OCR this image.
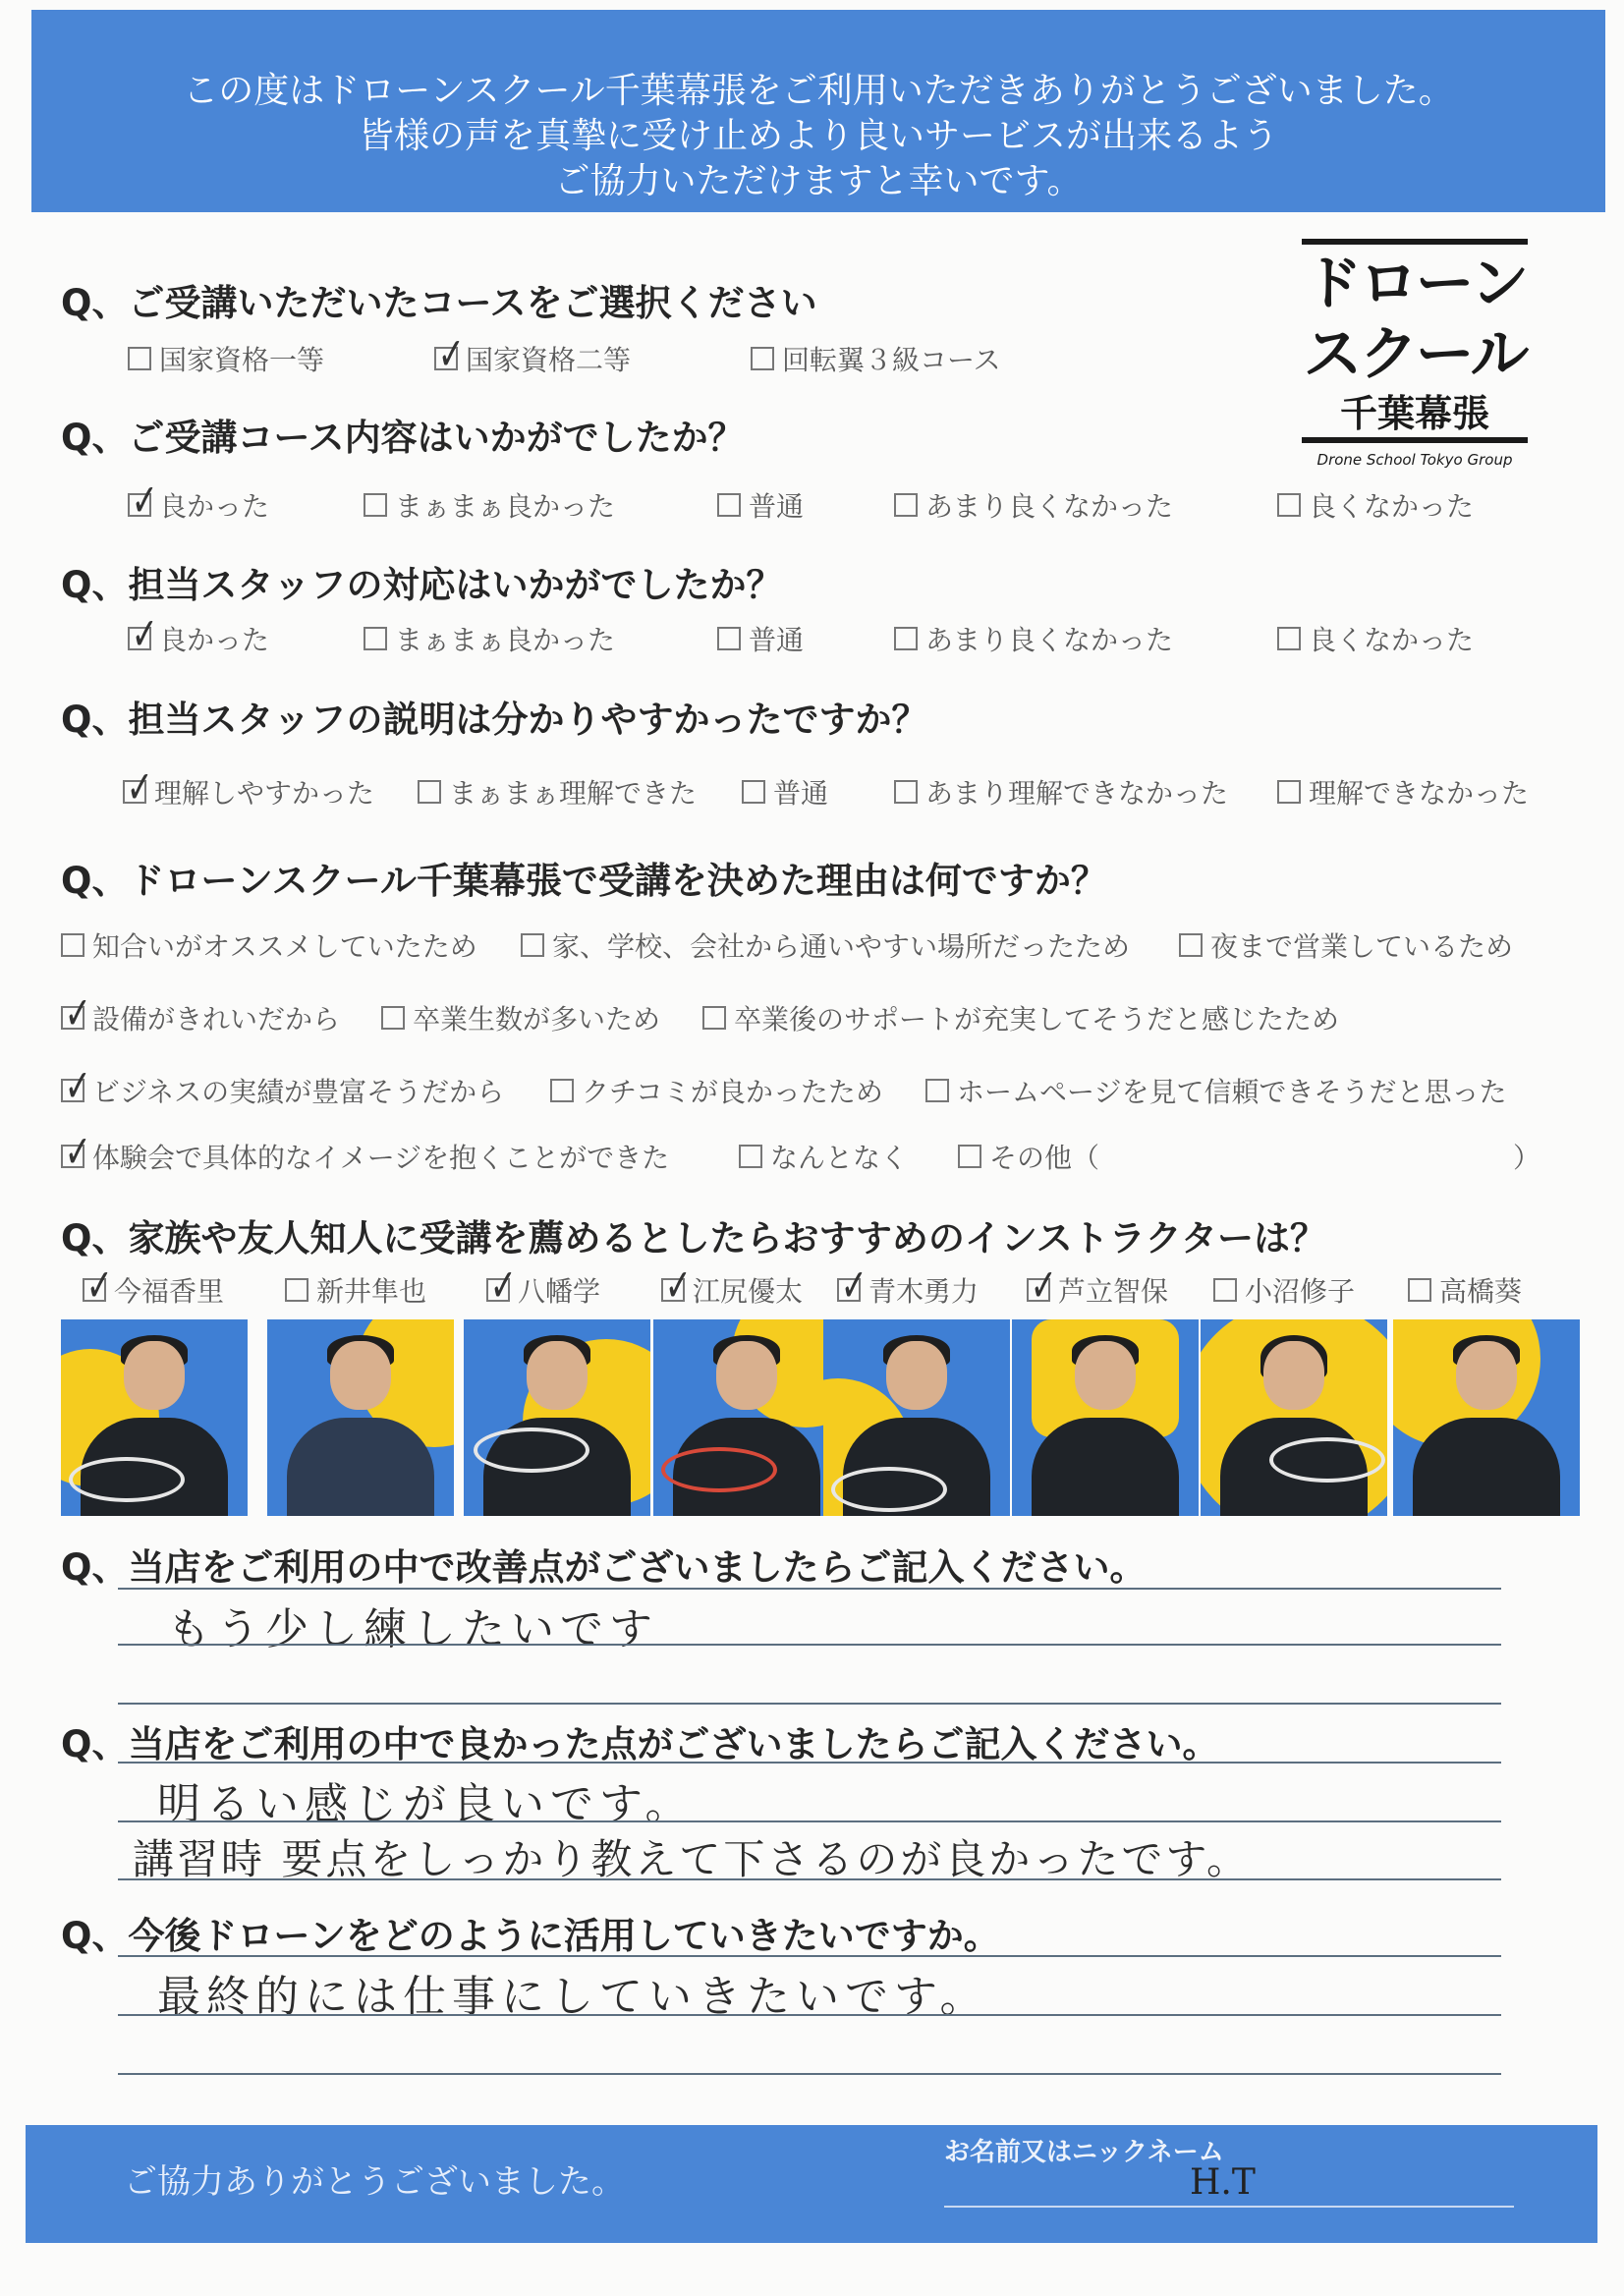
この度はドローンスクール千葉幕張をご利用いただきありがとうございました。
皆様の声を真摯に受け止めより良いサービスが出来るよう
ご協力いただけますと幸いです。
ドローン
スクール
千葉幕張
Drone School Tokyo Group
Q、ご受講いただいたコースをご選択ください
国家資格一等 ✓	国家資格二等	回転翼３級コース
Q、ご受講コース内容はいかがでしたか？
✓良かった	まぁまぁ良かった	普通	あまり良くなかった	良くなかった
Q、担当スタッフの対応はいかがでしたか？
✓良かった	まぁまぁ良かった	普通	あまり良くなかった	良くなかった
Q、担当スタッフの説明は分かりやすかったですか？
✓理解しやすかった	まぁまぁ理解できた	普通	あまり理解できなかった	理解できなかった
Q、ドローンスクール千葉幕張で受講を決めた理由は何ですか？
知合いがオススメしていたため	家、学校、会社から通いやすい場所だったため	夜まで営業しているため
✓設備がきれいだから	卒業生数が多いため	卒業後のサポートが充実してそうだと感じたため
✓ビジネスの実績が豊富そうだから	クチコミが良かったため	ホームページを見て信頼できそうだと思った
✓体験会で具体的なイメージを抱くことができた	なんとなく	その他（	）
Q、家族や友人知人に受講を薦めるとしたらおすすめのインストラクターは？
✓今福香里	新井隼也 ✓	八幡学 ✓	江尻優太 ✓	青木勇力 ✓	芦立智保	小沼修子	高橋葵
Q、当店をご利用の中で改善点がございましたらご記入ください。
もう少し練したいです
Q、当店をご利用の中で良かった点がございましたらご記入ください。
明るい感じが良いです。
講習時 要点をしっかり教えて下さるのが良かったです。
Q、今後ドローンをどのように活用していきたいですか。
最終的には仕事にしていきたいです。
ご協力ありがとうございました。
お名前又はニックネーム
H.T
